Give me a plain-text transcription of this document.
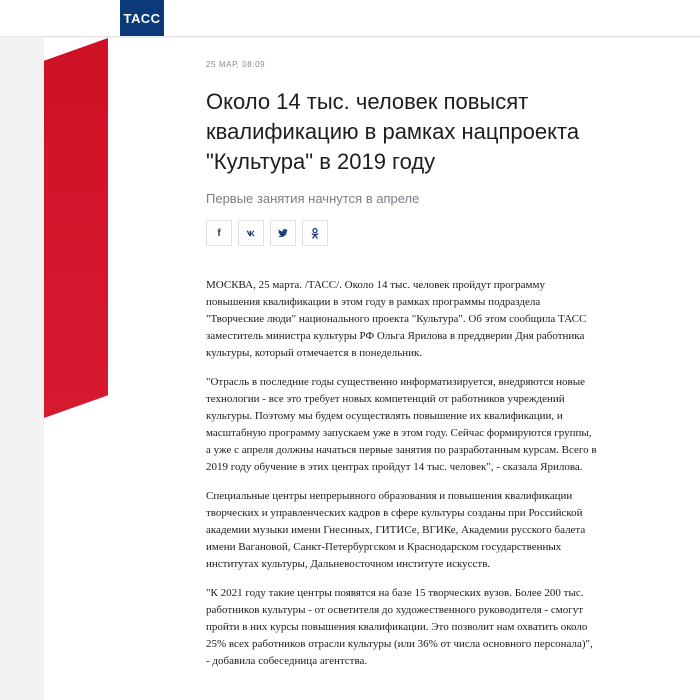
ТАСС
25 МАР, 08:09
Около 14 тыс. человек повысят квалификацию в рамках нацпроекта "Культура" в 2019 году
Первые занятия начнутся в апреле
f

МОСКВА, 25 марта. /ТАСС/. Около 14 тыс. человек пройдут программу повышения квалификации в этом году в рамках программы подраздела "Творческие люди" национального проекта "Культура". Об этом сообщила ТАСС заместитель министра культуры РФ Ольга Ярилова в преддверии Дня работника культуры, который отмечается в понедельник.

"Отрасль в последние годы существенно информатизируется, внедряются новые технологии - все это требует новых компетенций от работников учреждений культуры. Поэтому мы будем осуществлять повышение их квалификации, и масштабную программу запускаем уже в этом году. Сейчас формируются группы, а уже с апреля должны начаться первые занятия по разработанным курсам. Всего в 2019 году обучение в этих центрах пройдут 14 тыс. человек", - сказала Ярилова.

Специальные центры непрерывного образования и повышения квалификации творческих и управленческих кадров в сфере культуры созданы при Российской академии музыки имени Гнесиных, ГИТИСе, ВГИКе, Академии русского балета имени Вагановой, Санкт-Петербургском и Краснодарском государственных институтах культуры, Дальневосточном институте искусств.

"К 2021 году такие центры появятся на базе 15 творческих вузов. Более 200 тыс. работников культуры - от осветителя до художественного руководителя - смогут пройти в них курсы повышения квалификации. Это позволит нам охватить около 25% всех работников отрасли культуры (или 36% от числа основного персонала)", - добавила собеседница агентства.
